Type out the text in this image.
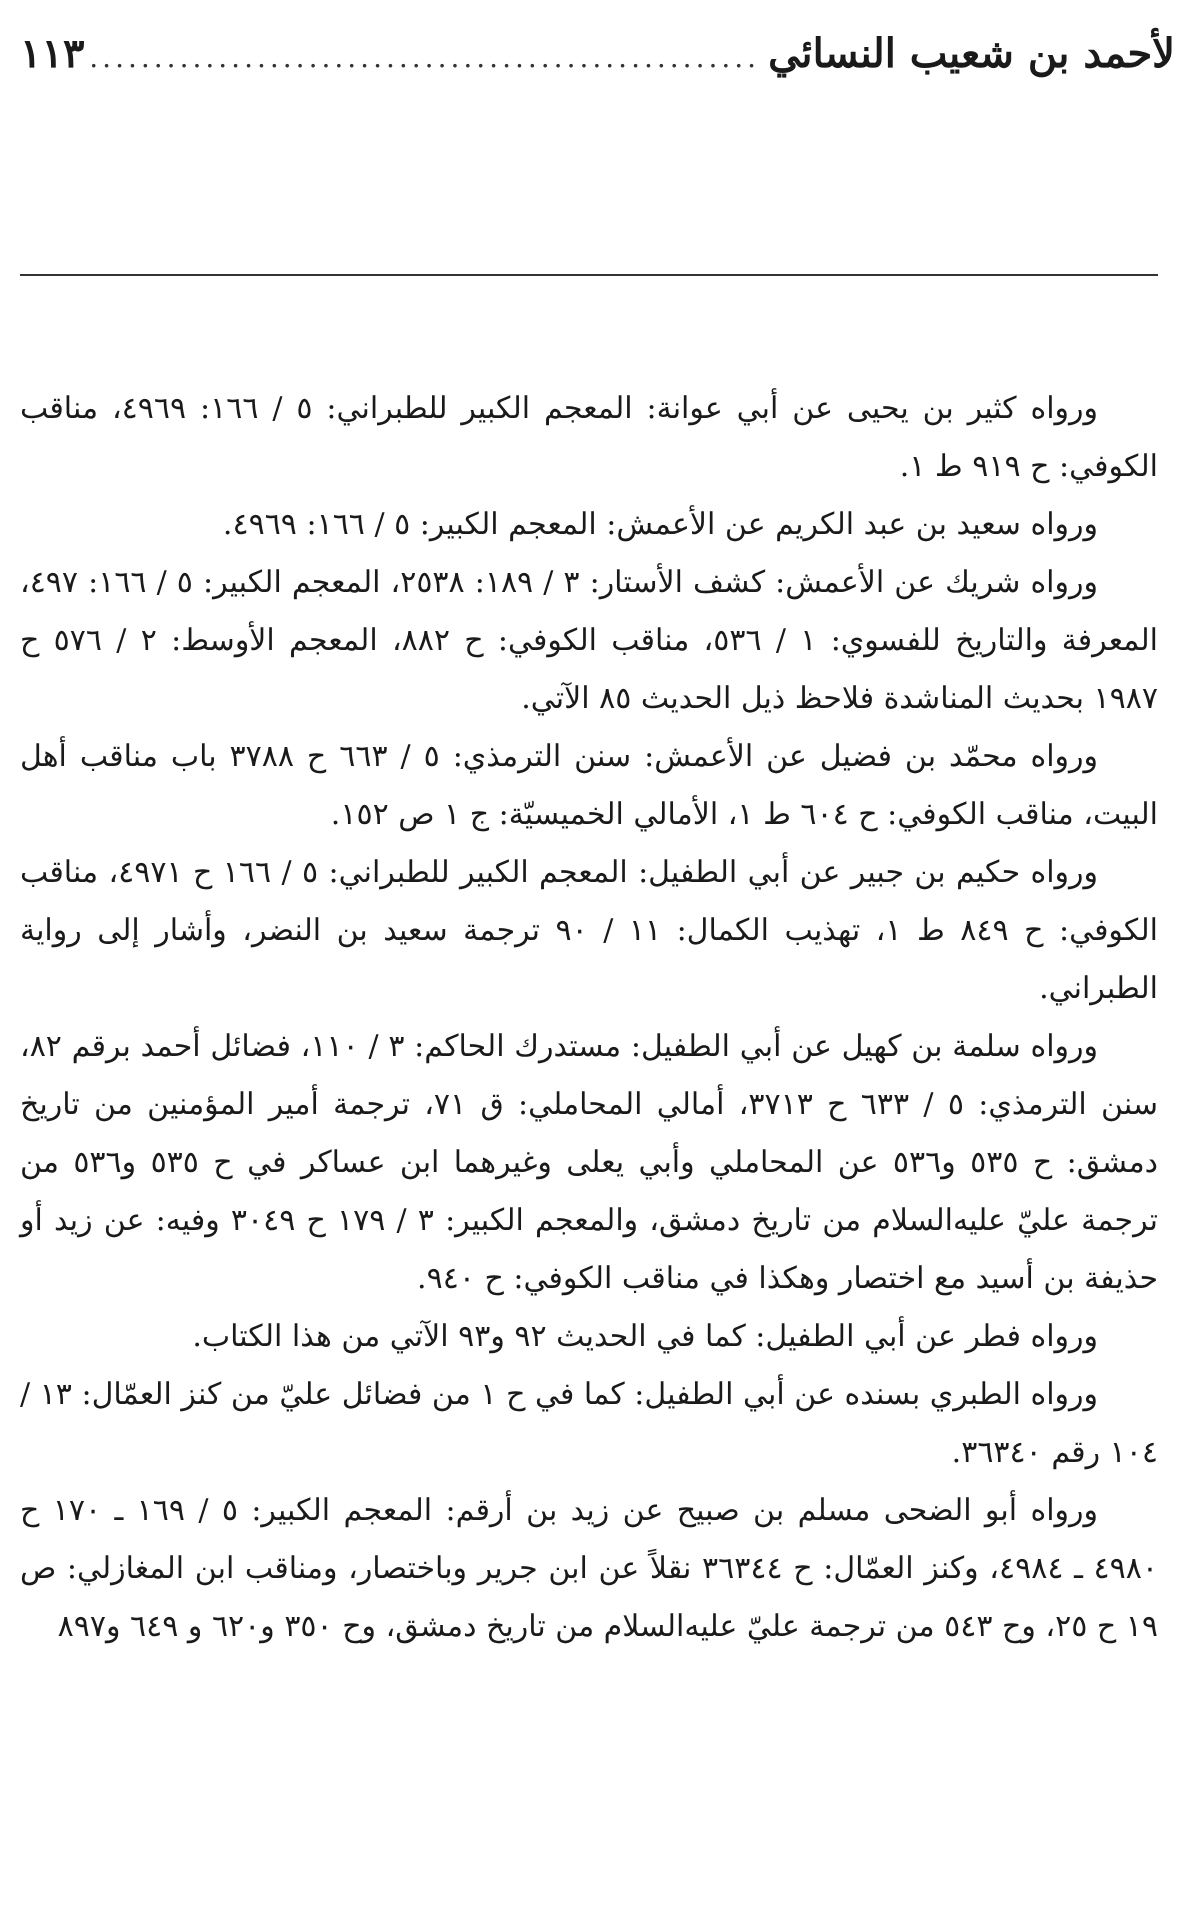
لأحمد بن شعيب النسائي
.....
١١٣

ورواه كثير بن يحيى عن أبي عوانة: المعجم الكبير للطبراني: ٥ / ١٦٦: ٤٩٦٩، مناقب الكوفي: ح ٩١٩ ط ١.

ورواه سعيد بن عبد الكريم عن الأعمش: المعجم الكبير: ٥ / ١٦٦: ٤٩٦٩.

ورواه شريك عن الأعمش: كشف الأستار: ٣ / ١٨٩: ٢٥٣٨، المعجم الكبير: ٥ / ١٦٦: ٤٩٧، المعرفة والتاريخ للفسوي: ١ / ٥٣٦، مناقب الكوفي: ح ٨٨٢، المعجم الأوسط: ٢ / ٥٧٦ ح ١٩٨٧ بحديث المناشدة فلاحظ ذيل الحديث ٨٥ الآتي.

ورواه محمّد بن فضيل عن الأعمش: سنن الترمذي: ٥ / ٦٦٣ ح ٣٧٨٨ باب مناقب أهل البيت، مناقب الكوفي: ح ٦٠٤ ط ١، الأمالي الخميسيّة: ج ١ ص ١٥٢.

ورواه حكيم بن جبير عن أبي الطفيل: المعجم الكبير للطبراني: ٥ / ١٦٦ ح ٤٩٧١، مناقب الكوفي: ح ٨٤٩ ط ١، تهذيب الكمال: ١١ / ٩٠ ترجمة سعيد بن النضر، وأشار إلى رواية الطبراني.

ورواه سلمة بن كهيل عن أبي الطفيل: مستدرك الحاكم: ٣ / ١١٠، فضائل أحمد برقم ٨٢، سنن الترمذي: ٥ / ٦٣٣ ح ٣٧١٣، أمالي المحاملي: ق ٧١، ترجمة أمير المؤمنين من تاريخ دمشق: ح ٥٣٥ و٥٣٦ عن المحاملي وأبي يعلى وغيرهما ابن عساكر في ح ٥٣٥ و٥٣٦ من ترجمة عليّ عليه‌السلام من تاريخ دمشق، والمعجم الكبير: ٣ / ١٧٩ ح ٣٠٤٩ وفيه: عن زيد أو حذيفة بن أسيد مع اختصار وهكذا في مناقب الكوفي: ح ٩٤٠.

ورواه فطر عن أبي الطفيل: كما في الحديث ٩٢ و٩٣ الآتي من هذا الكتاب.

ورواه الطبري بسنده عن أبي الطفيل: كما في ح ١ من فضائل عليّ من كنز العمّال: ١٣ / ١٠٤ رقم ٣٦٣٤٠.

ورواه أبو الضحى مسلم بن صبيح عن زيد بن أرقم: المعجم الكبير: ٥ / ١٦٩ ـ ١٧٠ ح ٤٩٨٠ ـ ٤٩٨٤، وكنز العمّال: ح ٣٦٣٤٤ نقلاً عن ابن جرير وباختصار، ومناقب ابن المغازلي: ص ١٩ ح ٢٥، وح ٥٤٣ من ترجمة عليّ عليه‌السلام من تاريخ دمشق، وح ٣٥٠ و٦٢٠ و ٦٤٩ و٨٩٧
